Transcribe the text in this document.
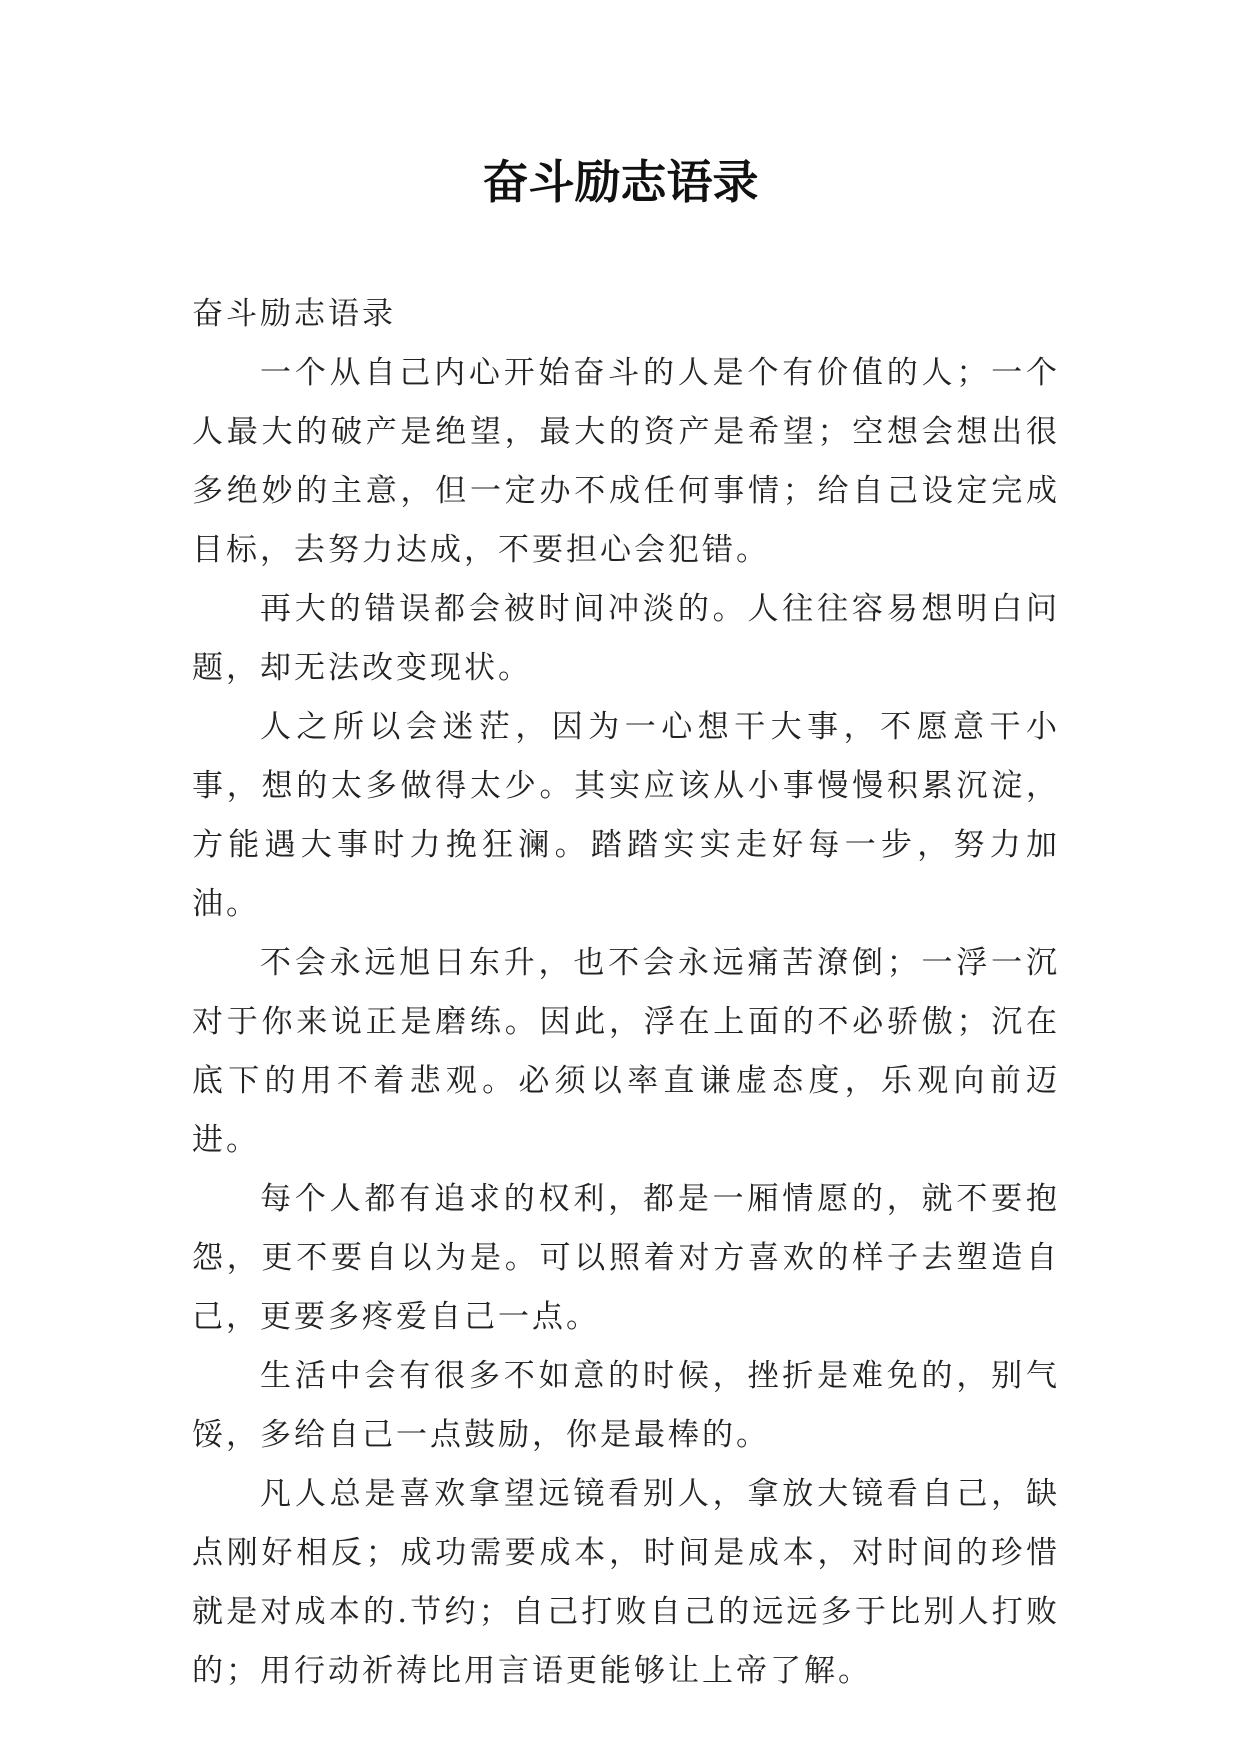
奋斗励志语录

奋斗励志语录

一个从自己内心开始奋斗的人是个有价值的人；一个人最大的破产是绝望，最大的资产是希望；空想会想出很多绝妙的主意，但一定办不成任何事情；给自己设定完成目标，去努力达成，不要担心会犯错。

再大的错误都会被时间冲淡的。人往往容易想明白问题，却无法改变现状。

人之所以会迷茫，因为一心想干大事，不愿意干小事，想的太多做得太少。其实应该从小事慢慢积累沉淀，方能遇大事时力挽狂澜。踏踏实实走好每一步，努力加油。

不会永远旭日东升，也不会永远痛苦潦倒；一浮一沉对于你来说正是磨练。因此，浮在上面的不必骄傲；沉在底下的用不着悲观。必须以率直谦虚态度，乐观向前迈进。

每个人都有追求的权利，都是一厢情愿的，就不要抱怨，更不要自以为是。可以照着对方喜欢的样子去塑造自己，更要多疼爱自己一点。

生活中会有很多不如意的时候，挫折是难免的，别气馁，多给自己一点鼓励，你是最棒的。

凡人总是喜欢拿望远镜看别人，拿放大镜看自己，缺点刚好相反；成功需要成本，时间是成本，对时间的珍惜就是对成本的.节约；自己打败自己的远远多于比别人打败的；用行动祈祷比用言语更能够让上帝了解。
